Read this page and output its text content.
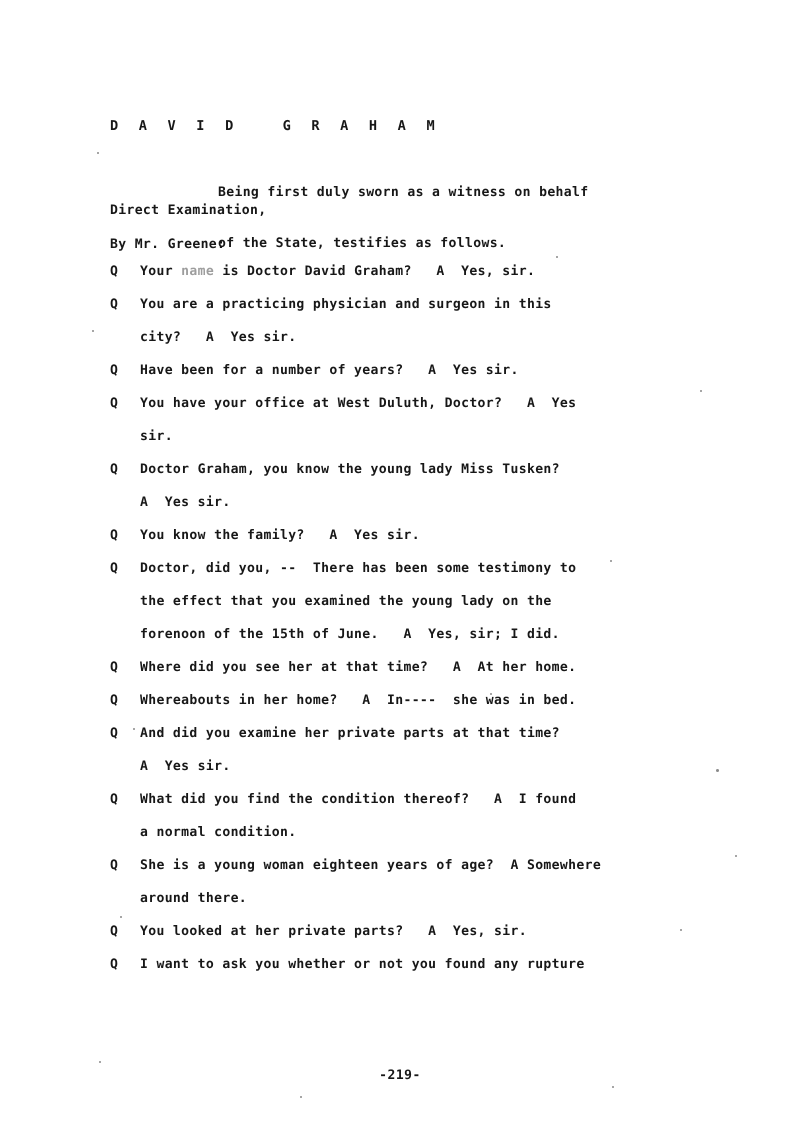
D A V I D   G R A H A M

Being first duly sworn as a witness on behalf

of the State, testifies as follows.

Direct Examination,
By Mr. Greene:
Q	Your name is Doctor David Graham?   A  Yes, sir.
Q	You are a practicing physician and surgeon in this
city?   A  Yes sir.
Q	Have been for a number of years?   A  Yes sir.
Q	You have your office at West Duluth, Doctor?   A  Yes
sir.
Q	Doctor Graham, you know the young lady Miss Tusken?
A  Yes sir.
Q	You know the family?   A  Yes sir.
Q	Doctor, did you, --  There has been some testimony to
the effect that you examined the young lady on the
forenoon of the 15th of June.   A  Yes, sir; I did.
Q	Where did you see her at that time?   A  At her home.
Q	Whereabouts in her home?   A  In----  she was in bed.
Q	And did you examine her private parts at that time?
A  Yes sir.
Q	What did you find the condition thereof?   A  I found
a normal condition.
Q	She is a young woman eighteen years of age?  A Somewhere
around there.
Q	You looked at her private parts?   A  Yes, sir.
Q	I want to ask you whether or not you found any rupture
-219-
